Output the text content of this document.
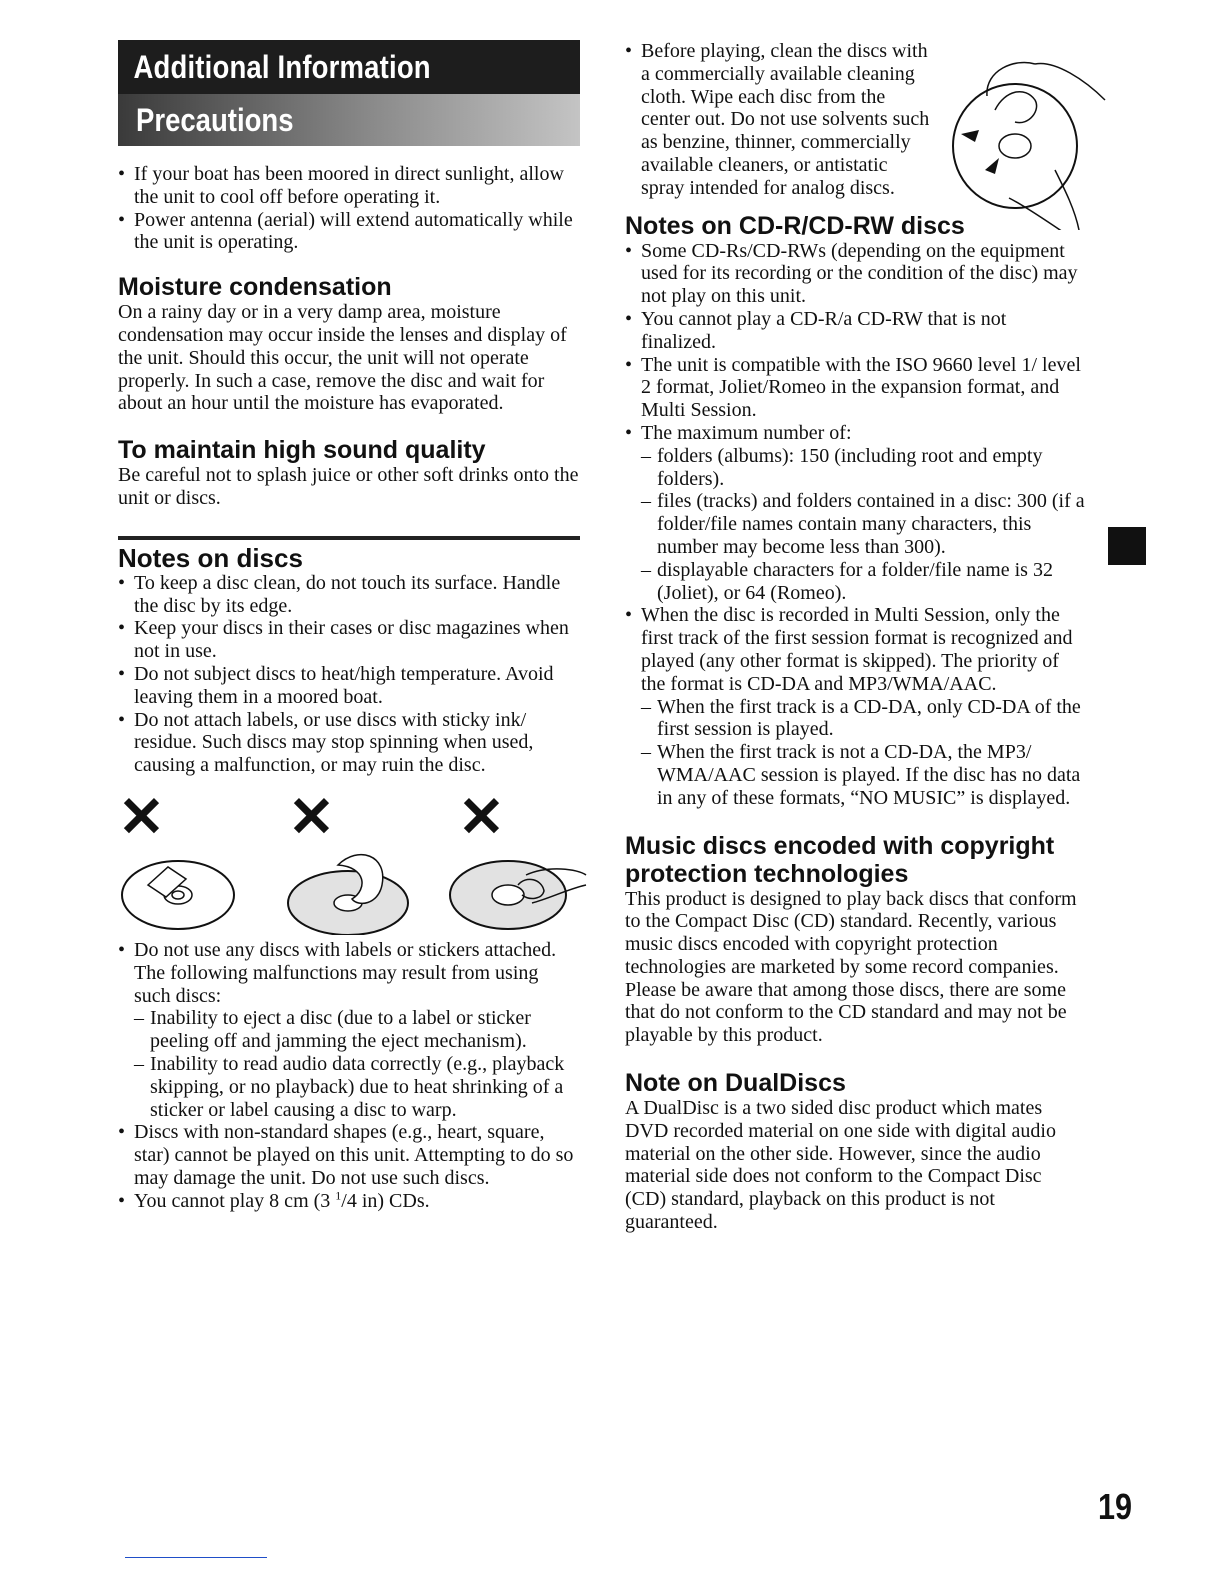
Additional Information
Precautions
• If your boat has been moored in direct sunlight, allow the unit to cool off before operating it.
• Power antenna (aerial) will extend automatically while the unit is operating.
Moisture condensation

On a rainy day or in a very damp area, moisture condensation may occur inside the lenses and display of the unit. Should this occur, the unit will not operate properly. In such a case, remove the disc and wait for about an hour until the moisture has evaporated.

To maintain high sound quality

Be careful not to splash juice or other soft drinks onto the unit or discs.

Notes on discs
• To keep a disc clean, do not touch its surface. Handle the disc by its edge.
• Keep your discs in their cases or disc magazines when not in use.
• Do not subject discs to heat/high temperature. Avoid leaving them in a moored boat.
• Do not attach labels, or use discs with sticky ink/ residue. Such discs may stop spinning when used, causing a malfunction, or may ruin the disc.
✕	✕	✕
• Do not use any discs with labels or stickers attached.
The following malfunctions may result from using such discs:
– Inability to eject a disc (due to a label or sticker peeling off and jamming the eject mechanism).
– Inability to read audio data correctly (e.g., playback skipping, or no playback) due to heat shrinking of a sticker or label causing a disc to warp.
• Discs with non-standard shapes (e.g., heart, square, star) cannot be played on this unit. Attempting to do so may damage the unit. Do not use such discs.
• You cannot play 8 cm (3 $^1$/4 in) CDs.
• Before playing, clean the discs with a commercially available cleaning cloth. Wipe each disc from the center out. Do not use solvents such as benzine, thinner, commercially available cleaners, or antistatic spray intended for analog discs.
Notes on CD-R/CD-RW discs
• Some CD-Rs/CD-RWs (depending on the equipment used for its recording or the condition of the disc) may not play on this unit.
• You cannot play a CD-R/a CD-RW that is not finalized.
• The unit is compatible with the ISO 9660 level 1/ level 2 format, Joliet/Romeo in the expansion format, and Multi Session.
• The maximum number of:
– folders (albums): 150 (including root and empty folders).
– files (tracks) and folders contained in a disc: 300 (if a folder/file names contain many characters, this number may become less than 300).
– displayable characters for a folder/file name is 32 (Joliet), or 64 (Romeo).
• When the disc is recorded in Multi Session, only the first track of the first session format is recognized and played (any other format is skipped). The priority of the format is CD-DA and MP3/WMA/AAC.
– When the first track is a CD-DA, only CD-DA of the first session is played.
– When the first track is not a CD-DA, the MP3/ WMA/AAC session is played. If the disc has no data in any of these formats, “NO MUSIC” is displayed.
Music discs encoded with copyright protection technologies

This product is designed to play back discs that conform to the Compact Disc (CD) standard. Recently, various music discs encoded with copyright protection technologies are marketed by some record companies. Please be aware that among those discs, there are some that do not conform to the CD standard and may not be playable by this product.

Note on DualDiscs

A DualDisc is a two sided disc product which mates DVD recorded material on one side with digital audio material on the other side. However, since the audio material side does not conform to the Compact Disc (CD) standard, playback on this product is not guaranteed.

19
